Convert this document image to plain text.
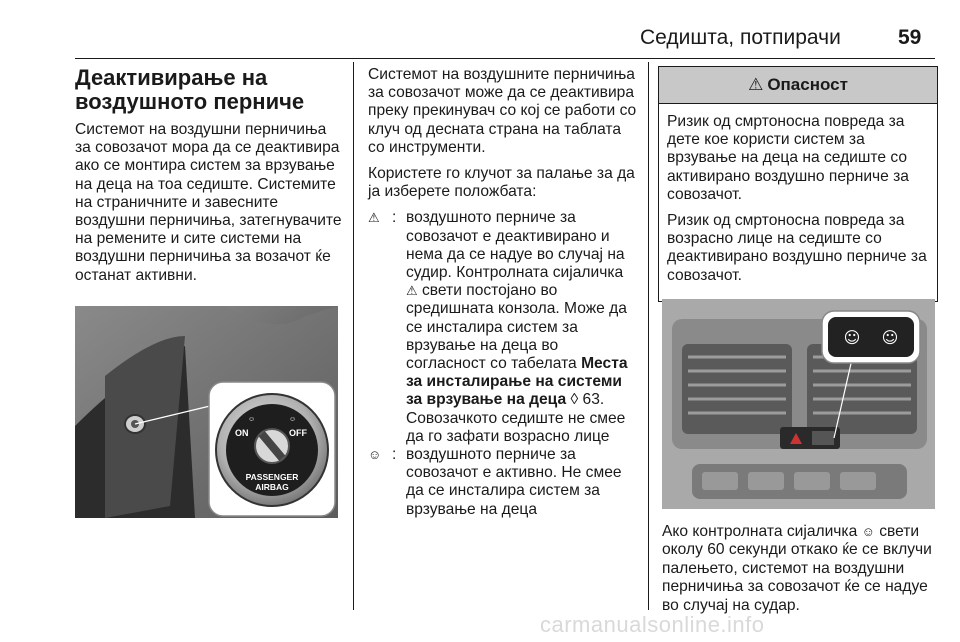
Седишта, потпирачи	59
Деактивирање на воздушното перниче

Системот на воздушни перничиња за совозачот мора да се деактивира ако се монтира систем за врзување на деца на тоа седиште. Системите на страничните и завесните воздушни перничиња, затегнувачите на ремените и сите системи на воздушни перничиња за возачот ќе останат активни.

☺
ON
☺
OFF
PASSENGER
AIRBAG

Системот на воздушните перничиња за совозачот може да се деактивира преку прекинувач со кој се работи со клуч од десната страна на таблата со инструменти.

Користете го клучот за палање за да ја изберете положбата:

⚠ : воздушното перниче за совозачот е деактивирано и нема да се надуе во случај на судир. Контролната сијаличка ⚠ свети постојано во средишната конзола. Може да се инсталира систем за врзување на деца во согласност со табелата Места за инсталирање на системи за врзување на деца ◊ 63. Совозачкото седиште не смее да го зафати возрасно лице
☺ : воздушното перниче за совозачот е активно. Не смее да се инсталира систем за врзување на деца
⚠ Опасност

Ризик од смртоносна повреда за дете кое користи систем за врзување на деца на седиште со активирано воздушно перниче за совозачот.

Ризик од смртоносна повреда за возрасно лице на седиште со деактивирано воздушно перниче за совозачот.

☺ ☺
Ако контролната сијаличка ☺ свети околу 60 секунди откако ќе се вклучи палењето, системот на воздушни перничиња за совозачот ќе се надуе во случај на судар.
carmanualsonline.info
